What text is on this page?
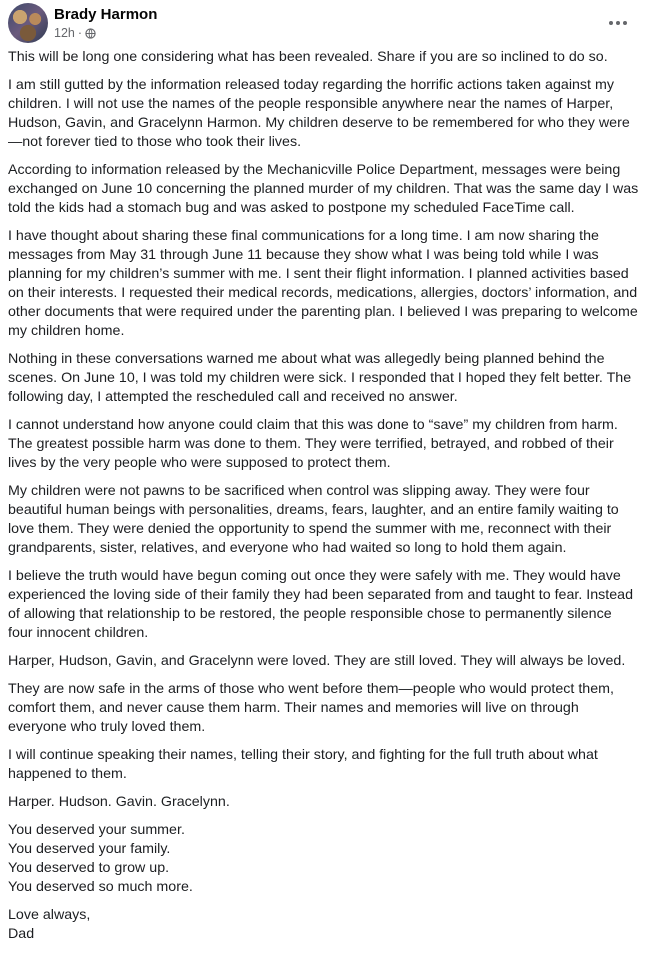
Brady Harmon
12h ·

This will be long one considering what has been revealed. Share if you are so inclined to do so.

I am still gutted by the information released today regarding the horrific actions taken against my children. I will not use the names of the people responsible anywhere near the names of Harper, Hudson, Gavin, and Gracelynn Harmon. My children deserve to be remembered for who they were—not forever tied to those who took their lives.

According to information released by the Mechanicville Police Department, messages were being exchanged on June 10 concerning the planned murder of my children. That was the same day I was told the kids had a stomach bug and was asked to postpone my scheduled FaceTime call.

I have thought about sharing these final communications for a long time. I am now sharing the messages from May 31 through June 11 because they show what I was being told while I was planning for my children’s summer with me. I sent their flight information. I planned activities based on their interests. I requested their medical records, medications, allergies, doctors’ information, and other documents that were required under the parenting plan. I believed I was preparing to welcome my children home.

Nothing in these conversations warned me about what was allegedly being planned behind the scenes. On June 10, I was told my children were sick. I responded that I hoped they felt better. The following day, I attempted the rescheduled call and received no answer.

I cannot understand how anyone could claim that this was done to “save” my children from harm. The greatest possible harm was done to them. They were terrified, betrayed, and robbed of their lives by the very people who were supposed to protect them.

My children were not pawns to be sacrificed when control was slipping away. They were four beautiful human beings with personalities, dreams, fears, laughter, and an entire family waiting to love them. They were denied the opportunity to spend the summer with me, reconnect with their grandparents, sister, relatives, and everyone who had waited so long to hold them again.

I believe the truth would have begun coming out once they were safely with me. They would have experienced the loving side of their family they had been separated from and taught to fear. Instead of allowing that relationship to be restored, the people responsible chose to permanently silence four innocent children.

Harper, Hudson, Gavin, and Gracelynn were loved. They are still loved. They will always be loved.

They are now safe in the arms of those who went before them—people who would protect them, comfort them, and never cause them harm. Their names and memories will live on through everyone who truly loved them.

I will continue speaking their names, telling their story, and fighting for the full truth about what happened to them.

Harper. Hudson. Gavin. Gracelynn.

You deserved your summer.
You deserved your family.
You deserved to grow up.
You deserved so much more.

Love always,
Dad
